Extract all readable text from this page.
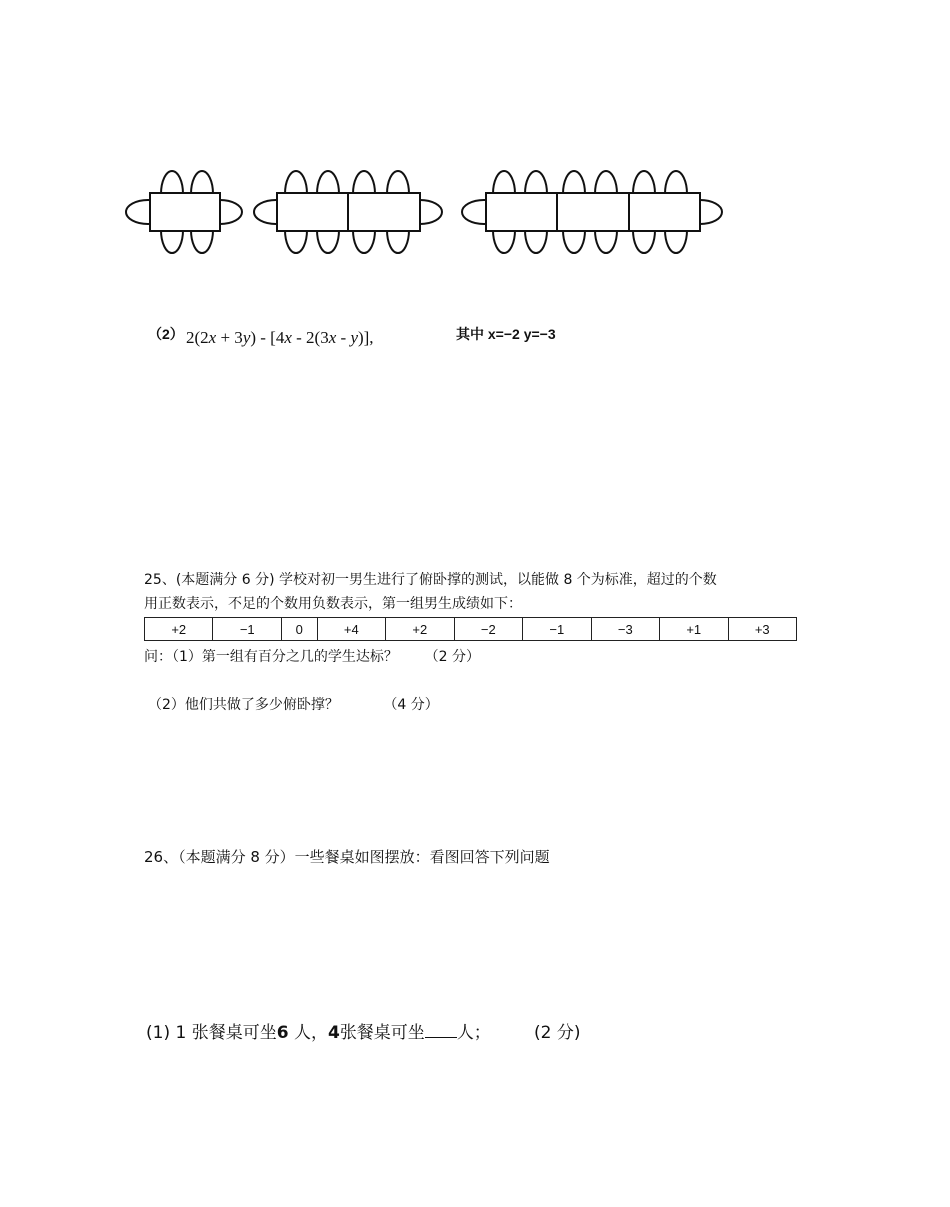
（2） 2(2x + 3y) - [4x - 2(3x - y)],	其中 x=−2 y=−3
25、(本题满分 6 分) 学校对初一男生进行了俯卧撑的测试，以能做 8 个为标准，超过的个数
用正数表示，不足的个数用负数表示，第一组男生成绩如下：
+2	−1	0	+4	+2	−2	−1	−3	+1	+3
问：（1）第一组有百分之几的学生达标？      （2 分）
（2）他们共做了多少俯卧撑？          （4 分）
26、（本题满分 8 分）一些餐桌如图摆放：看图回答下列问题
(1) 1 张餐桌可坐6 人，4张餐桌可坐 人；	(2 分)
